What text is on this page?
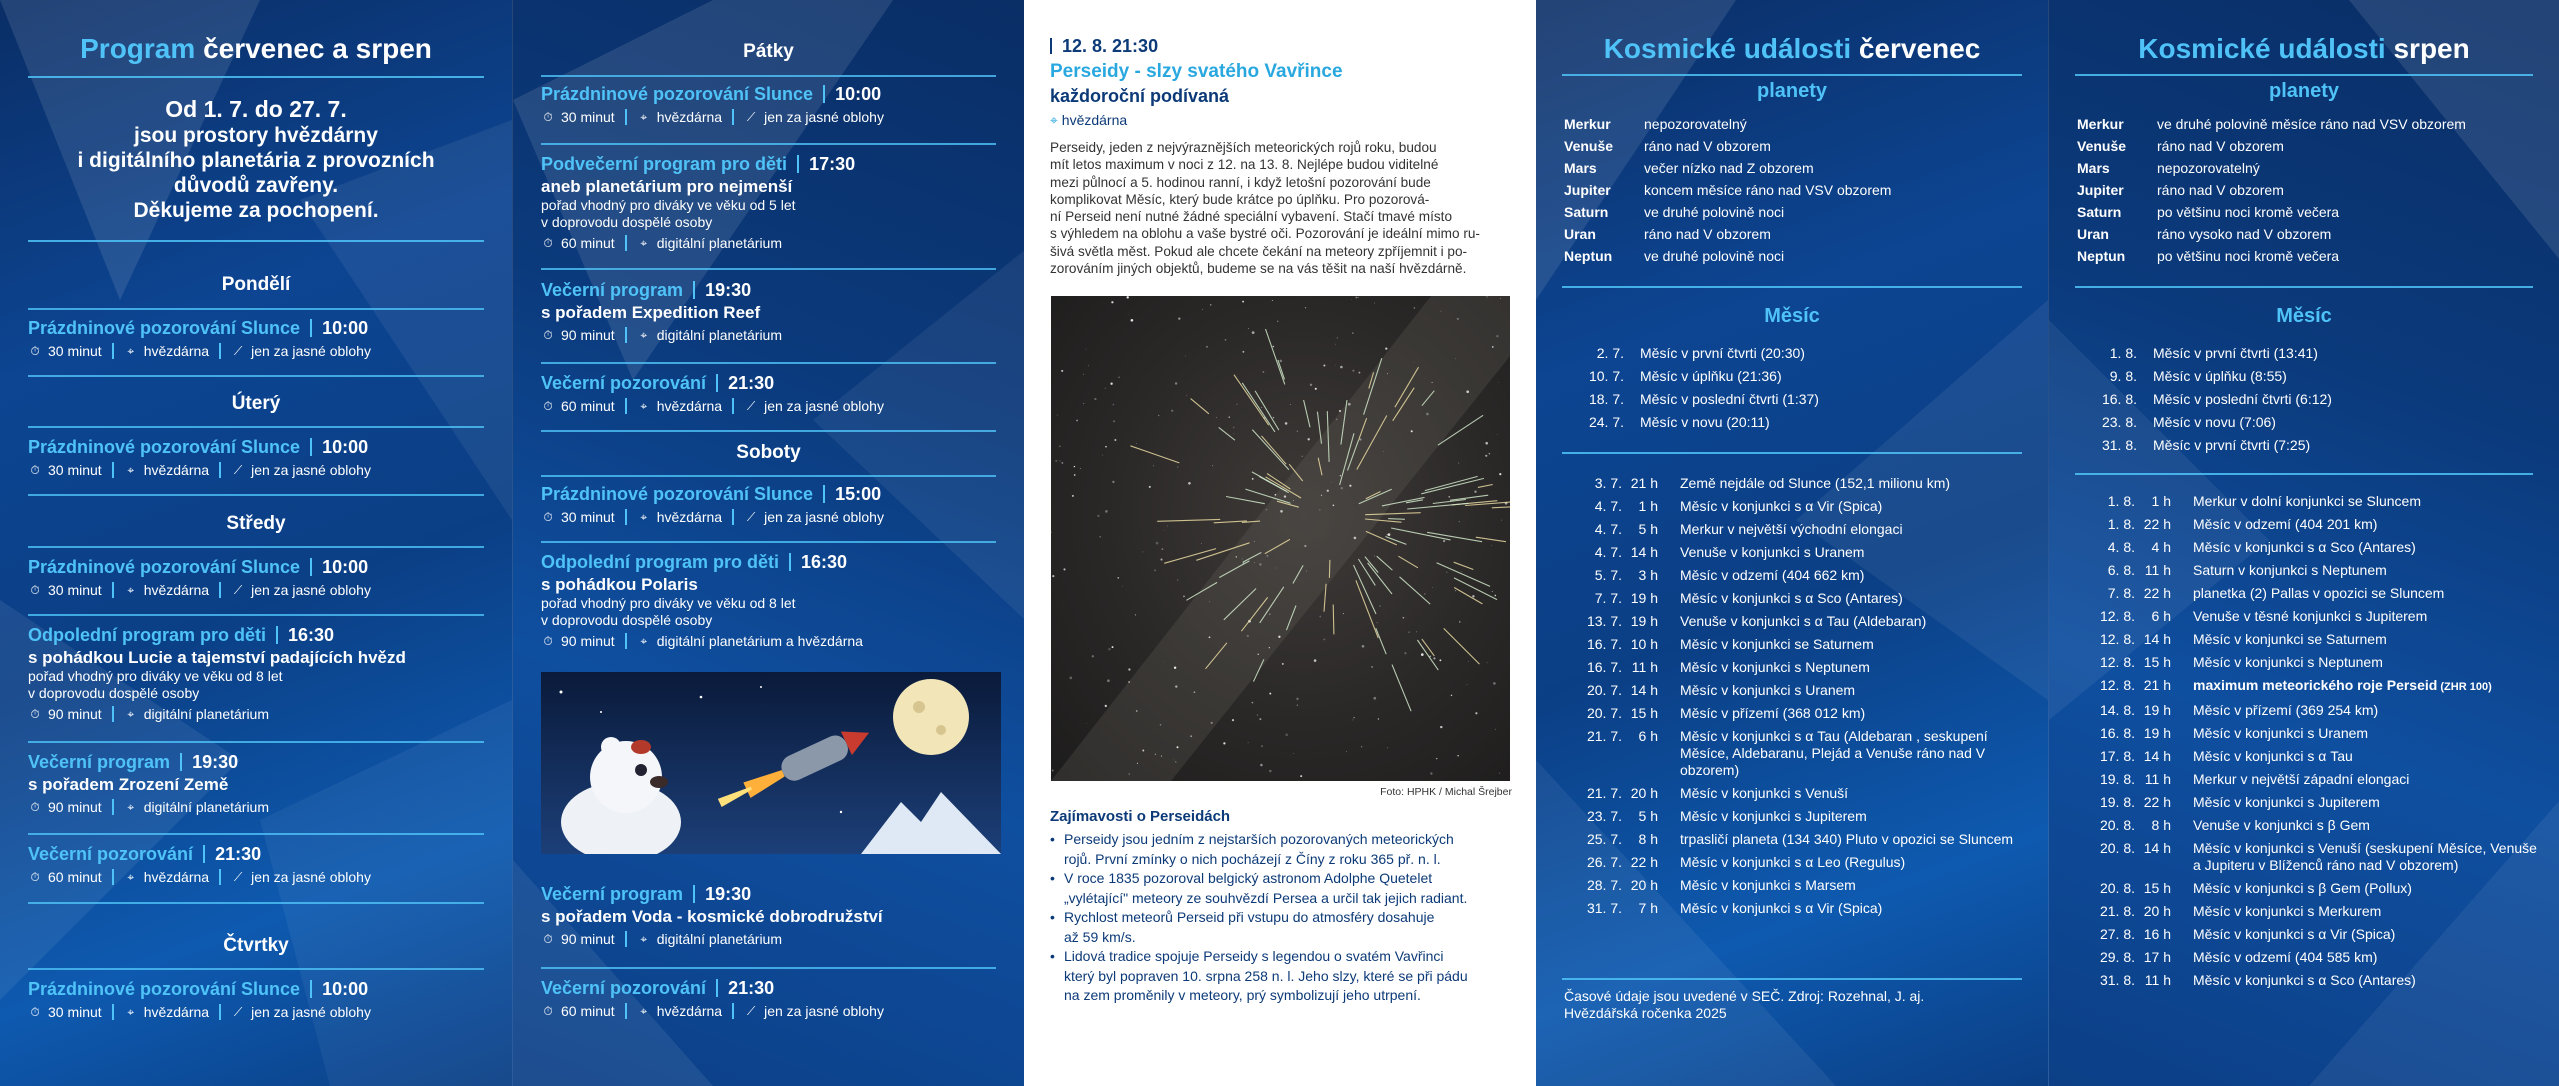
Program červenec a srpen
Od 1. 7. do 27. 7.
jsou prostory hvězdárny
i digitálního planetária z provozních
důvodů zavřeny.
Děkujeme za pochopení.
Pondělí
Prázdninové pozorování Slunce 10:00
⏱ 30 minut	⌖ hvězdárna ⟋ jen za jasné oblohy
Úterý
Prázdninové pozorování Slunce 10:00
⏱ 30 minut	⌖ hvězdárna ⟋ jen za jasné oblohy
Středy
Prázdninové pozorování Slunce 10:00
⏱ 30 minut	⌖ hvězdárna ⟋ jen za jasné oblohy
Odpolední program pro děti 16:30
s pohádkou Lucie a tajemství padajících hvězd
pořad vhodný pro diváky ve věku od 8 let
v doprovodu dospělé osoby
⏱ 90 minut	⌖ digitální planetárium
Večerní program 19:30
s pořadem Zrození Země
⏱ 90 minut	⌖ digitální planetárium
Večerní pozorování 21:30
⏱ 60 minut	⌖ hvězdárna ⟋ jen za jasné oblohy
Čtvrtky
Prázdninové pozorování Slunce 10:00
⏱ 30 minut	⌖ hvězdárna ⟋ jen za jasné oblohy
Pátky
Prázdninové pozorování Slunce 10:00
⏱ 30 minut	⌖ hvězdárna ⟋ jen za jasné oblohy
Podvečerní program pro děti 17:30
aneb planetárium pro nejmenší
pořad vhodný pro diváky ve věku od 5 let
v doprovodu dospělé osoby
⏱ 60 minut	⌖ digitální planetárium
Večerní program 19:30
s pořadem Expedition Reef
⏱ 90 minut	⌖ digitální planetárium
Večerní pozorování 21:30
⏱ 60 minut	⌖ hvězdárna ⟋ jen za jasné oblohy
Soboty
Prázdninové pozorování Slunce 15:00
⏱ 30 minut	⌖ hvězdárna ⟋ jen za jasné oblohy
Odpolední program pro děti 16:30
s pohádkou Polaris
pořad vhodný pro diváky ve věku od 8 let
v doprovodu dospělé osoby
⏱ 90 minut	⌖ digitální planetárium a hvězdárna
Večerní program 19:30
s pořadem Voda - kosmické dobrodružství
⏱ 90 minut	⌖ digitální planetárium
Večerní pozorování 21:30
⏱ 60 minut	⌖ hvězdárna ⟋ jen za jasné oblohy
12. 8. 21:30
Perseidy - slzy svatého Vavřince
každoroční podívaná
⌖ hvězdárna
Perseidy, jeden z nejvýraznějších meteorických rojů roku, budou
mít letos maximum v noci z 12. na 13. 8. Nejlépe budou viditelné
mezi půlnocí a 5. hodinou ranní, i když letošní pozorování bude
komplikovat Měsíc, který bude krátce po úplňku. Pro pozorová-
ní Perseid není nutné žádné speciální vybavení. Stačí tmavé místo
s výhledem na oblohu a vaše bystré oči. Pozorování je ideální mimo ru-
šivá světla měst. Pokud ale chcete čekání na meteory zpříjemnit i po-
zorováním jiných objektů, budeme se na vás těšit na naší hvězdárně.
Foto: HPHK / Michal Šrejber
Zajímavosti o Perseidách
• Perseidy jsou jedním z nejstarších pozorovaných meteorických
rojů. První zmínky o nich pocházejí z Číny z roku 365 př. n. l.
• V roce 1835 pozoroval belgický astronom Adolphe Quetelet
„vylétající" meteory ze souhvězdí Persea a určil tak jejich radiant.
• Rychlost meteorů Perseid při vstupu do atmosféry dosahuje
až 59 km/s.
• Lidová tradice spojuje Perseidy s legendou o svatém Vavřinci
který byl popraven 10. srpna 258 n. l. Jeho slzy, které se při pádu
na zem proměnily v meteory, prý symbolizují jeho utrpení.
Kosmické události červenec
planety
Merkur	nepozorovatelný
Venuše	ráno nad V obzorem
Mars	večer nízko nad Z obzorem
Jupiter	koncem měsíce ráno nad VSV obzorem
Saturn	ve druhé polovině noci
Uran	ráno nad V obzorem
Neptun	ve druhé polovině noci
Měsíc
2. 7.	Měsíc v první čtvrti (20:30)
10. 7.	Měsíc v úplňku (21:36)
18. 7.	Měsíc v poslední čtvrti (1:37)
24. 7.	Měsíc v novu (20:11)
3. 7.	21 h	Země nejdále od Slunce (152,1 milionu km)
4. 7.	1 h	Měsíc v konjunkci s α Vir (Spica)
4. 7.	5 h	Merkur v největší východní elongaci
4. 7.	14 h	Venuše v konjunkci s Uranem
5. 7.	3 h	Měsíc v odzemí (404 662 km)
7. 7.	19 h	Měsíc v konjunkci s α Sco (Antares)
13. 7.	19 h	Venuše v konjunkci s α Tau (Aldebaran)
16. 7.	10 h	Měsíc v konjunkci se Saturnem
16. 7.	11 h	Měsíc v konjunkci s Neptunem
20. 7.	14 h	Měsíc v konjunkci s Uranem
20. 7.	15 h	Měsíc v přízemí (368 012 km)
21. 7.	6 h	Měsíc v konjunkci s α Tau (Aldebaran , seskupení Měsíce, Aldebaranu, Plejád a Venuše ráno nad V obzorem)
21. 7.	20 h	Měsíc v konjunkci s Venuší
23. 7.	5 h	Měsíc v konjunkci s Jupiterem
25. 7.	8 h	trpasličí planeta (134 340) Pluto v opozici se Sluncem
26. 7.	22 h	Měsíc v konjunkci s α Leo (Regulus)
28. 7.	20 h	Měsíc v konjunkci s Marsem
31. 7.	7 h	Měsíc v konjunkci s α Vir (Spica)
Časové údaje jsou uvedené v SEČ. Zdroj: Rozehnal, J. aj.
Hvězdářská ročenka 2025
Kosmické události srpen
planety
Merkur	ve druhé polovině měsíce ráno nad VSV obzorem
Venuše	ráno nad V obzorem
Mars	nepozorovatelný
Jupiter	ráno nad V obzorem
Saturn	po většinu noci kromě večera
Uran	ráno vysoko nad V obzorem
Neptun	po většinu noci kromě večera
Měsíc
1. 8.	Měsíc v první čtvrti (13:41)
9. 8.	Měsíc v úplňku (8:55)
16. 8.	Měsíc v poslední čtvrti (6:12)
23. 8.	Měsíc v novu (7:06)
31. 8.	Měsíc v první čtvrti (7:25)
1. 8.	1 h	Merkur v dolní konjunkci se Sluncem
1. 8.	22 h	Měsíc v odzemí (404 201 km)
4. 8.	4 h	Měsíc v konjunkci s α Sco (Antares)
6. 8.	11 h	Saturn v konjunkci s Neptunem
7. 8.	22 h	planetka (2) Pallas v opozici se Sluncem
12. 8.	6 h	Venuše v těsné konjunkci s Jupiterem
12. 8.	14 h	Měsíc v konjunkci se Saturnem
12. 8.	15 h	Měsíc v konjunkci s Neptunem
12. 8.	21 h	maximum meteorického roje Perseid (ZHR 100)
14. 8.	19 h	Měsíc v přízemí (369 254 km)
16. 8.	19 h	Měsíc v konjunkci s Uranem
17. 8.	14 h	Měsíc v konjunkci s α Tau
19. 8.	11 h	Merkur v největší západní elongaci
19. 8.	22 h	Měsíc v konjunkci s Jupiterem
20. 8.	8 h	Venuše v konjunkci s β Gem
20. 8.	14 h	Měsíc v konjunkci s Venuší (seskupení Měsíce, Venuše a Jupiteru v Blíženců ráno nad V obzorem)
20. 8.	15 h	Měsíc v konjunkci s β Gem (Pollux)
21. 8.	20 h	Měsíc v konjunkci s Merkurem
27. 8.	16 h	Měsíc v konjunkci s α Vir (Spica)
29. 8.	17 h	Měsíc v odzemí (404 585 km)
31. 8.	11 h	Měsíc v konjunkci s α Sco (Antares)
